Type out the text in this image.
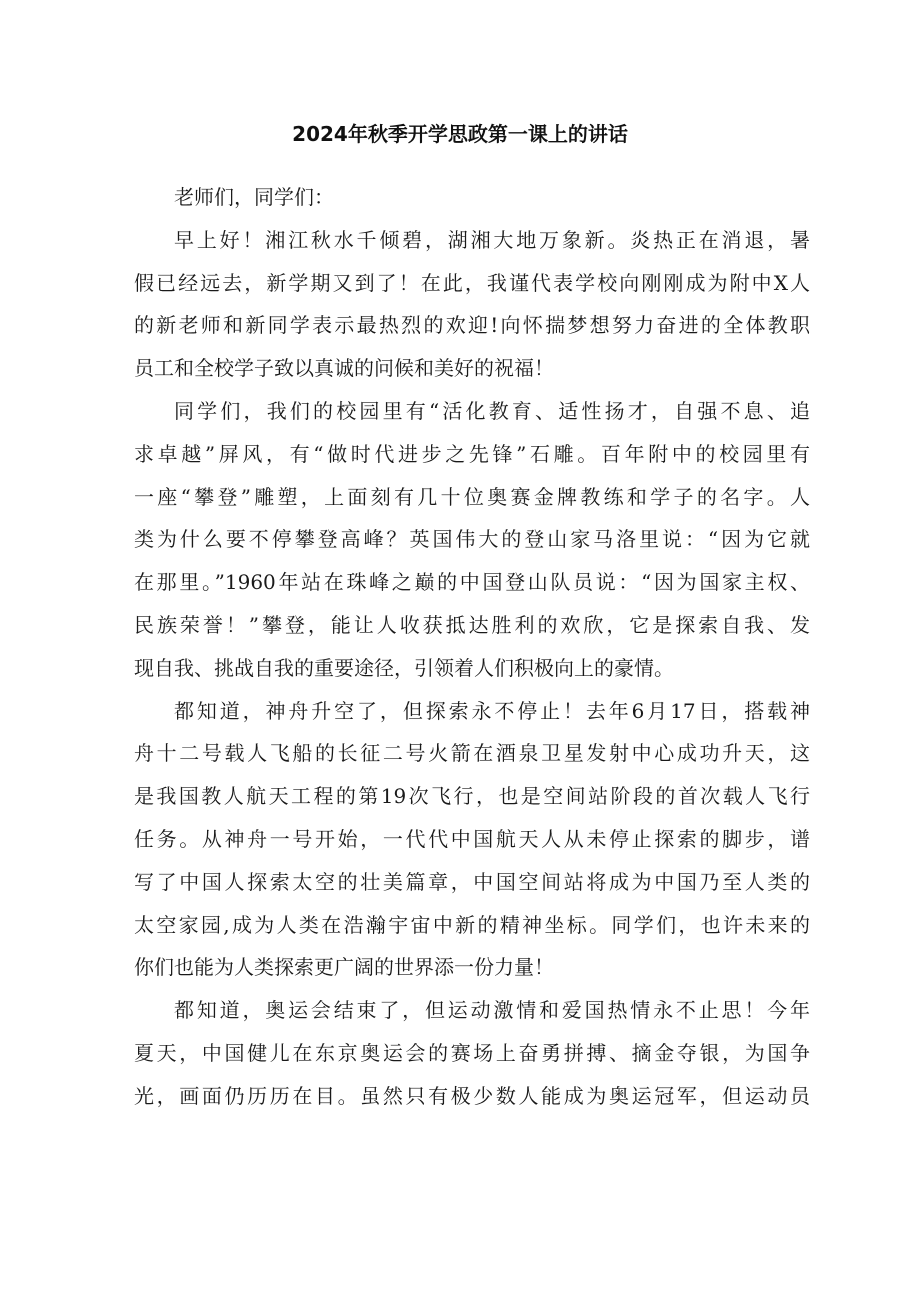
2024年秋季开学思政第一课上的讲话
老师们，同学们：
早上好！湘江秋水千倾碧，湖湘大地万象新。炎热正在消退，暑
假已经远去，新学期又到了！在此，我谨代表学校向刚刚成为附中X人
的新老师和新同学表示最热烈的欢迎!向怀揣梦想努力奋进的全体教职
员工和全校学子致以真诚的问候和美好的祝福！
同学们，我们的校园里有“活化教育、适性扬才，自强不息、追
求卓越”屏风，有“做时代进步之先锋”石雕。百年附中的校园里有
一座“攀登”雕塑，上面刻有几十位奥赛金牌教练和学子的名字。人
类为什么要不停攀登高峰？英国伟大的登山家马洛里说：“因为它就
在那里。”1960年站在珠峰之巅的中国登山队员说：“因为国家主权、
民族荣誉！”攀登，能让人收获抵达胜利的欢欣，它是探索自我、发
现自我、挑战自我的重要途径，引领着人们积极向上的豪情。
都知道，神舟升空了，但探索永不停止！去年6月17日，搭载神
舟十二号载人飞船的长征二号火箭在酒泉卫星发射中心成功升天，这
是我国教人航天工程的第19次飞行，也是空间站阶段的首次载人飞行
任务。从神舟一号开始，一代代中国航天人从未停止探索的脚步，谱
写了中国人探索太空的壮美篇章，中国空间站将成为中国乃至人类的
太空家园,成为人类在浩瀚宇宙中新的精神坐标。同学们，也许未来的
你们也能为人类探索更广阔的世界添一份力量！
都知道，奥运会结束了，但运动激情和爱国热情永不止思！今年
夏天，中国健儿在东京奥运会的赛场上奋勇拼搏、摘金夺银，为国争
光，画面仍历历在目。虽然只有极少数人能成为奥运冠军，但运动员
